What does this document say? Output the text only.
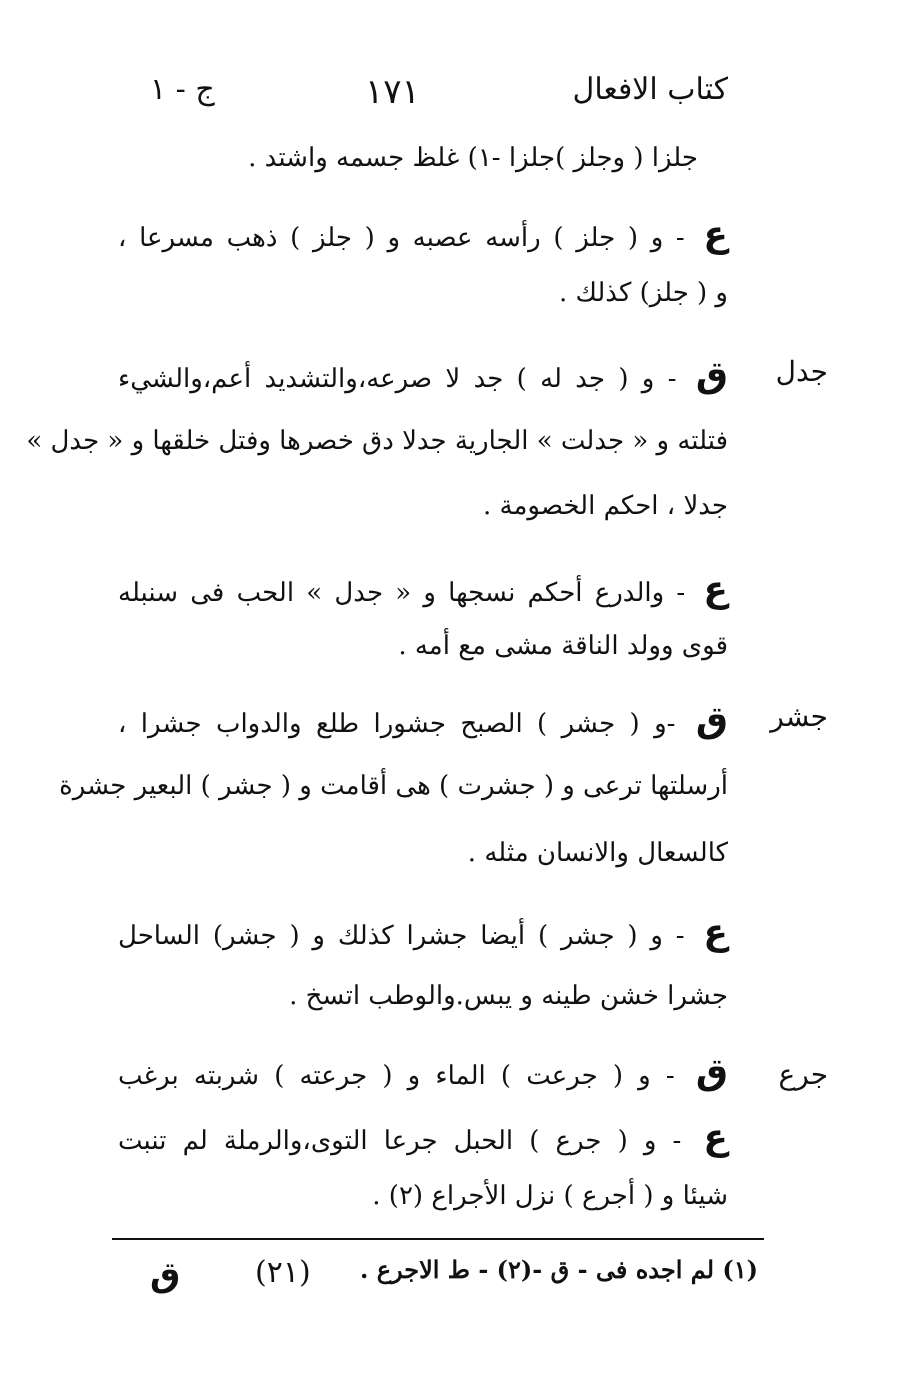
كتاب الافعال
١٧١
ج - ١
جدل
جشر
جرع
جلزا ( وجلز )جلزا -١) غلظ جسمه واشتد .
ع - و ( جلز ) رأسه عصبه و ( جلز ) ذهب مسرعا ،
و ( جلز) كذلك .
ق - و ( جد له ) جد لا صرعه،والتشديد أعم،والشيء
فتلته و « جدلت » الجارية جدلا دق خصرها وفتل خلقها و « جدل »
جدلا ، احكم الخصومة .
ع - والدرع أحكم نسجها و « جدل » الحب فى سنبله
قوى وولد الناقة مشى مع أمه .
ق -و ( جشر ) الصبح جشورا طلع والدواب جشرا ،
أرسلتها ترعى و ( جشرت ) هى أقامت و ( جشر ) البعير جشرة
كالسعال والانسان مثله .
ع - و ( جشر ) أيضا جشرا كذلك و ( جشر) الساحل
جشرا خشن طينه و يبس.والوطب اتسخ .
ق - و ( جرعت ) الماء و ( جرعته ) شربته برغب
ع - و ( جرع ) الحبل جرعا التوى،والرملة لم تنبت
شيئا و ( أجرع ) نزل الأجراع (٢) .
(١) لم اجده فى - ق -(٢) - ط الاجرع .
(٢١)
ق
